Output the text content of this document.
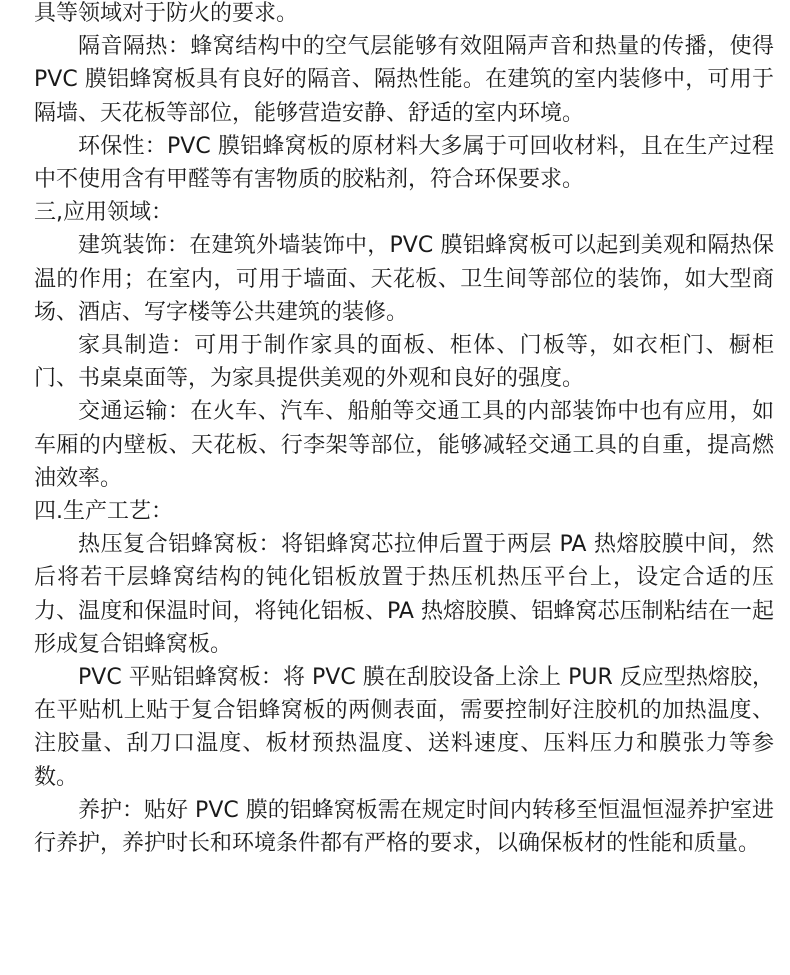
具等领域对于防火的要求。

隔音隔热：蜂窝结构中的空气层能够有效阻隔声音和热量的传播，使得 PVC 膜铝蜂窝板具有良好的隔音、隔热性能。在建筑的室内装修中，可用于隔墙、天花板等部位，能够营造安静、舒适的室内环境。

环保性：PVC 膜铝蜂窝板的原材料大多属于可回收材料，且在生产过程中不使用含有甲醛等有害物质的胶粘剂，符合环保要求。

三,应用领域：

建筑装饰：在建筑外墙装饰中，PVC 膜铝蜂窝板可以起到美观和隔热保温的作用；在室内，可用于墙面、天花板、卫生间等部位的装饰，如大型商场、酒店、写字楼等公共建筑的装修。

家具制造：可用于制作家具的面板、柜体、门板等，如衣柜门、橱柜门、书桌桌面等，为家具提供美观的外观和良好的强度。

交通运输：在火车、汽车、船舶等交通工具的内部装饰中也有应用，如车厢的内壁板、天花板、行李架等部位，能够减轻交通工具的自重，提高燃油效率。

四.生产工艺：

热压复合铝蜂窝板：将铝蜂窝芯拉伸后置于两层 PA 热熔胶膜中间，然后将若干层蜂窝结构的钝化铝板放置于热压机热压平台上，设定合适的压力、温度和保温时间，将钝化铝板、PA 热熔胶膜、铝蜂窝芯压制粘结在一起形成复合铝蜂窝板。

PVC 平贴铝蜂窝板：将 PVC 膜在刮胶设备上涂上 PUR 反应型热熔胶，在平贴机上贴于复合铝蜂窝板的两侧表面，需要控制好注胶机的加热温度、注胶量、刮刀口温度、板材预热温度、送料速度、压料压力和膜张力等参数。

养护：贴好 PVC 膜的铝蜂窝板需在规定时间内转移至恒温恒湿养护室进行养护，养护时长和环境条件都有严格的要求，以确保板材的性能和质量。
